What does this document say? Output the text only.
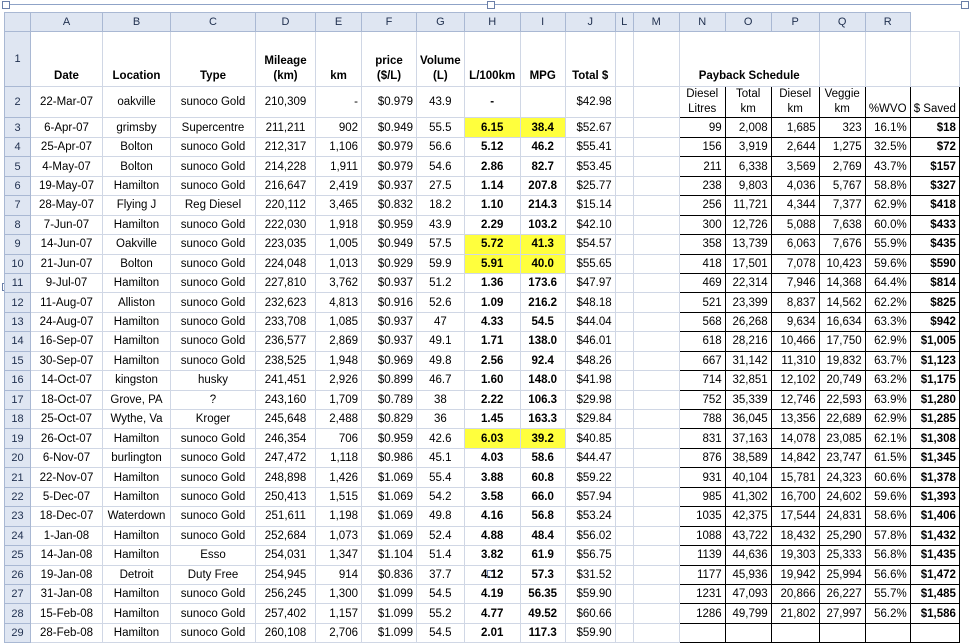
	A	B	C	D	E	F	G	H	I	J	L	M	N	O	P	Q	R	
1	Date	Location	Type	Mileage (km)	km	price ($/L)	Volume (L)	L/100km	MPG	Total $			Payback Schedule					
2	22-Mar-07	oakville	sunoco Gold	210,309	-	$0.979	43.9	-		$42.98			Diesel Litres	Total km	Diesel km	Veggie km	%WVO	$ Saved
3	6-Apr-07	grimsby	Supercentre	211,211	902	$0.949	55.5	6.15	38.4	$52.67			99	2,008	1,685	323	16.1%	$18
4	25-Apr-07	Bolton	sunoco Gold	212,317	1,106	$0.979	56.6	5.12	46.2	$55.41			156	3,919	2,644	1,275	32.5%	$72
5	4-May-07	Bolton	sunoco Gold	214,228	1,911	$0.979	54.6	2.86	82.7	$53.45			211	6,338	3,569	2,769	43.7%	$157
6	19-May-07	Hamilton	sunoco Gold	216,647	2,419	$0.937	27.5	1.14	207.8	$25.77			238	9,803	4,036	5,767	58.8%	$327
7	28-May-07	Flying J	Reg Diesel	220,112	3,465	$0.832	18.2	1.10	214.3	$15.14			256	11,721	4,344	7,377	62.9%	$418
8	7-Jun-07	Hamilton	sunoco Gold	222,030	1,918	$0.959	43.9	2.29	103.2	$42.10			300	12,726	5,088	7,638	60.0%	$433
9	14-Jun-07	Oakville	sunoco Gold	223,035	1,005	$0.949	57.5	5.72	41.3	$54.57			358	13,739	6,063	7,676	55.9%	$435
10	21-Jun-07	Bolton	sunoco Gold	224,048	1,013	$0.929	59.9	5.91	40.0	$55.65			418	17,501	7,078	10,423	59.6%	$590
11	9-Jul-07	Hamilton	sunoco Gold	227,810	3,762	$0.937	51.2	1.36	173.6	$47.97			469	22,314	7,946	14,368	64.4%	$814
12	11-Aug-07	Alliston	sunoco Gold	232,623	4,813	$0.916	52.6	1.09	216.2	$48.18			521	23,399	8,837	14,562	62.2%	$825
13	24-Aug-07	Hamilton	sunoco Gold	233,708	1,085	$0.937	47	4.33	54.5	$44.04			568	26,268	9,634	16,634	63.3%	$942
14	16-Sep-07	Hamilton	sunoco Gold	236,577	2,869	$0.937	49.1	1.71	138.0	$46.01			618	28,216	10,466	17,750	62.9%	$1,005
15	30-Sep-07	Hamilton	sunoco Gold	238,525	1,948	$0.969	49.8	2.56	92.4	$48.26			667	31,142	11,310	19,832	63.7%	$1,123
16	14-Oct-07	kingston	husky	241,451	2,926	$0.899	46.7	1.60	148.0	$41.98			714	32,851	12,102	20,749	63.2%	$1,175
17	18-Oct-07	Grove, PA	?	243,160	1,709	$0.789	38	2.22	106.3	$29.98			752	35,339	12,746	22,593	63.9%	$1,280
18	25-Oct-07	Wythe, Va	Kroger	245,648	2,488	$0.829	36	1.45	163.3	$29.84			788	36,045	13,356	22,689	62.9%	$1,285
19	26-Oct-07	Hamilton	sunoco Gold	246,354	706	$0.959	42.6	6.03	39.2	$40.85			831	37,163	14,078	23,085	62.1%	$1,308
20	6-Nov-07	burlington	sunoco Gold	247,472	1,118	$0.986	45.1	4.03	58.6	$44.47			876	38,589	14,842	23,747	61.5%	$1,345
21	22-Nov-07	Hamilton	sunoco Gold	248,898	1,426	$1.069	55.4	3.88	60.8	$59.22			931	40,104	15,781	24,323	60.6%	$1,378
22	5-Dec-07	Hamilton	sunoco Gold	250,413	1,515	$1.069	54.2	3.58	66.0	$57.94			985	41,302	16,700	24,602	59.6%	$1,393
23	18-Dec-07	Waterdown	sunoco Gold	251,611	1,198	$1.069	49.8	4.16	56.8	$53.24			1035	42,375	17,544	24,831	58.6%	$1,406
24	1-Jan-08	Hamilton	sunoco Gold	252,684	1,073	$1.069	52.4	4.88	48.4	$56.02			1088	43,722	18,432	25,290	57.8%	$1,432
25	14-Jan-08	Hamilton	Esso	254,031	1,347	$1.104	51.4	3.82	61.9	$56.75			1139	44,636	19,303	25,333	56.8%	$1,435
26	19-Jan-08	Detroit	Duty Free	254,945	914	$0.836	37.7	4.12	57.3	$31.52			1177	45,936	19,942	25,994	56.6%	$1,472
27	31-Jan-08	Hamilton	sunoco Gold	256,245	1,300	$1.099	54.5	4.19	56.35	$59.90			1231	47,093	20,866	26,227	55.7%	$1,485
28	15-Feb-08	Hamilton	sunoco Gold	257,402	1,157	$1.099	55.2	4.77	49.52	$60.66			1286	49,799	21,802	27,997	56.2%	$1,586
29	28-Feb-08	Hamilton	sunoco Gold	260,108	2,706	$1.099	54.5	2.01	117.3	$59.90								
